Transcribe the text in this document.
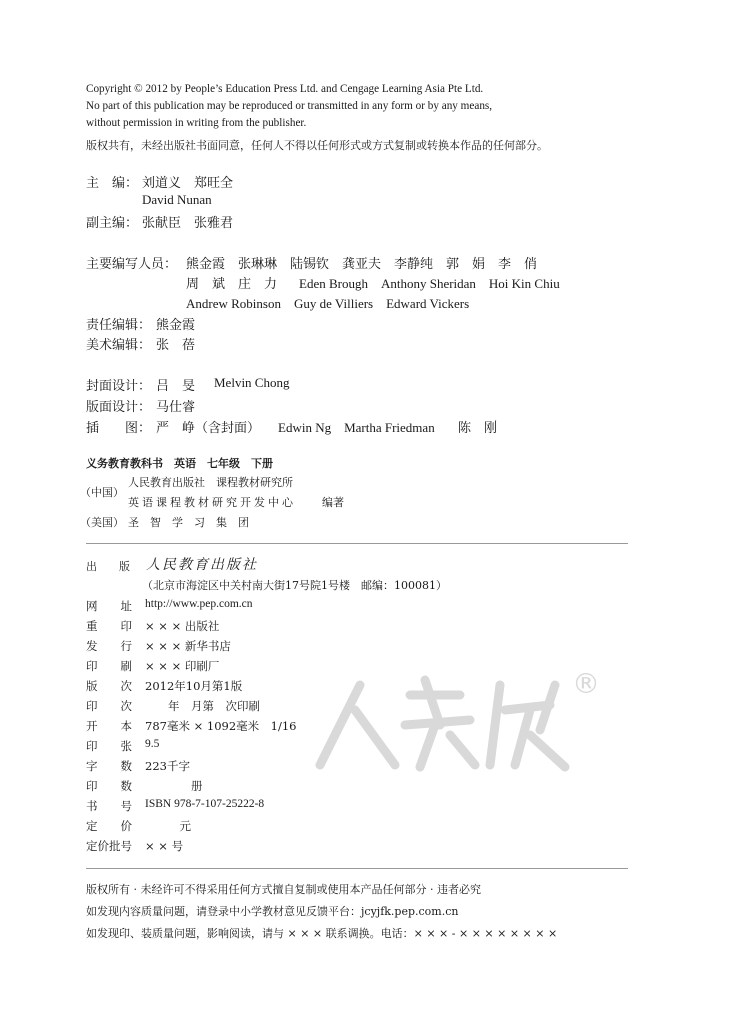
Copyright © 2012 by People’s Education Press Ltd. and Cengage Learning Asia Pte Ltd.
No part of this publication may be reproduced or transmitted in any form or by any means,
without permission in writing from the publisher.
版权共有，未经出版社书面同意，任何人不得以任何形式或方式复制或转换本作品的任何部分。
主　编： 刘道义　郑旺全
David Nunan
副主编： 张献臣　张雅君
主要编写人员： 熊金霞　张琳琳　陆锡钦　龚亚夫　李静纯　郭　娟　李　俏
周　斌　庄　力 Eden Brough　Anthony Sheridan　Hoi Kin Chiu
Andrew Robinson　Guy de Villiers　Edward Vickers
责任编辑： 熊金霞
美术编辑： 张　蓓
封面设计： 吕　旻 Melvin Chong
版面设计： 马仕睿
插　　图： 严　峥（含封面） Edwin Ng　Martha Friedman 陈　刚
义务教育教科书　英语　七年级　下册
（中国）
人民教育出版社　课程教材研究所
英语课程教材研究开发中心 编著
（美国） 圣　智　学　习　集　团
出　　版 人民教育出版社
（北京市海淀区中关村南大街17号院1号楼　邮编：100081）
®
网　　址 http://www.pep.com.cn
重　　印 × × × 出版社
发　　行 × × × 新华书店
印　　刷 × × × 印刷厂
版　　次 2012年10月第1版
印　　次 　　年　月第　次印刷
开　　本 787毫米 × 1092毫米　1/16
印　　张 9.5
字　　数 223千字
印　　数 　　　　册
书　　号 ISBN 978-7-107-25222-8
定　　价 　　　元
定价批号 × × 号
版权所有 · 未经许可不得采用任何方式擅自复制或使用本产品任何部分 · 违者必究
如发现内容质量问题，请登录中小学教材意见反馈平台：jcyjfk.pep.com.cn
如发现印、装质量问题，影响阅读，请与 × × × 联系调换。电话：× × × - × × × × × × × ×
